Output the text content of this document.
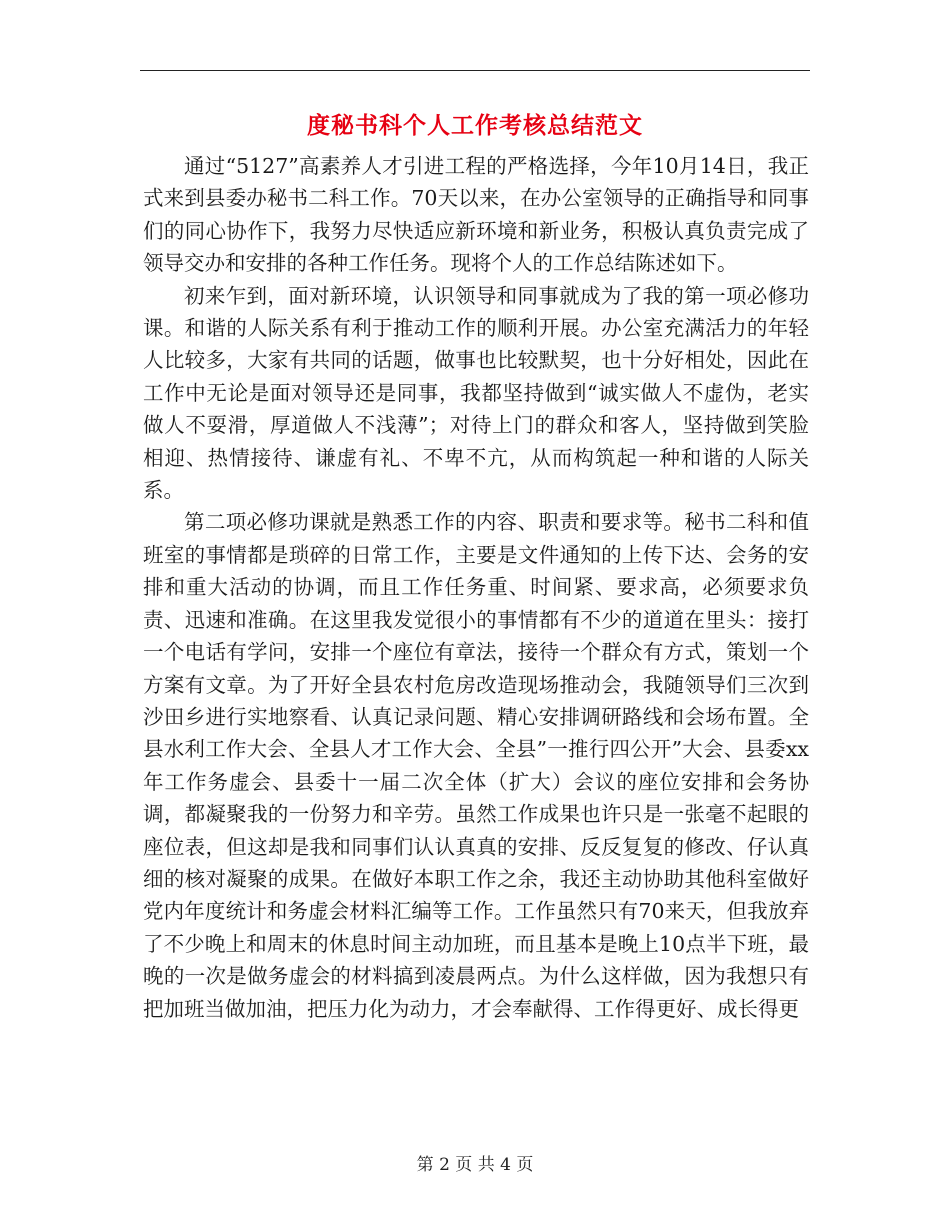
度秘书科个人工作考核总结范文

通过“5127”高素养人才引进工程的严格选择，今年10月14日，我正式来到县委办秘书二科工作。70天以来，在办公室领导的正确指导和同事们的同心协作下，我努力尽快适应新环境和新业务，积极认真负责完成了领导交办和安排的各种工作任务。现将个人的工作总结陈述如下。

初来乍到，面对新环境，认识领导和同事就成为了我的第一项必修功课。和谐的人际关系有利于推动工作的顺利开展。办公室充满活力的年轻人比较多，大家有共同的话题，做事也比较默契，也十分好相处，因此在工作中无论是面对领导还是同事，我都坚持做到“诚实做人不虚伪，老实做人不耍滑，厚道做人不浅薄”；对待上门的群众和客人，坚持做到笑脸相迎、热情接待、谦虚有礼、不卑不亢，从而构筑起一种和谐的人际关系。

第二项必修功课就是熟悉工作的内容、职责和要求等。秘书二科和值班室的事情都是琐碎的日常工作，主要是文件通知的上传下达、会务的安排和重大活动的协调，而且工作任务重、时间紧、要求高，必须要求负责、迅速和准确。在这里我发觉很小的事情都有不少的道道在里头：接打一个电话有学问，安排一个座位有章法，接待一个群众有方式，策划一个方案有文章。为了开好全县农村危房改造现场推动会，我随领导们三次到沙田乡进行实地察看、认真记录问题、精心安排调研路线和会场布置。全县水利工作大会、全县人才工作大会、全县”一推行四公开”大会、县委xx年工作务虚会、县委十一届二次全体（扩大）会议的座位安排和会务协调，都凝聚我的一份努力和辛劳。虽然工作成果也许只是一张毫不起眼的座位表，但这却是我和同事们认认真真的安排、反反复复的修改、仔认真细的核对凝聚的成果。在做好本职工作之余，我还主动协助其他科室做好党内年度统计和务虚会材料汇编等工作。工作虽然只有70来天，但我放弃了不少晚上和周末的休息时间主动加班，而且基本是晚上10点半下班，最晚的一次是做务虚会的材料搞到凌晨两点。为什么这样做，因为我想只有把加班当做加油，把压力化为动力，才会奉献得、工作得更好、成长得更

第 2 页 共 4 页
